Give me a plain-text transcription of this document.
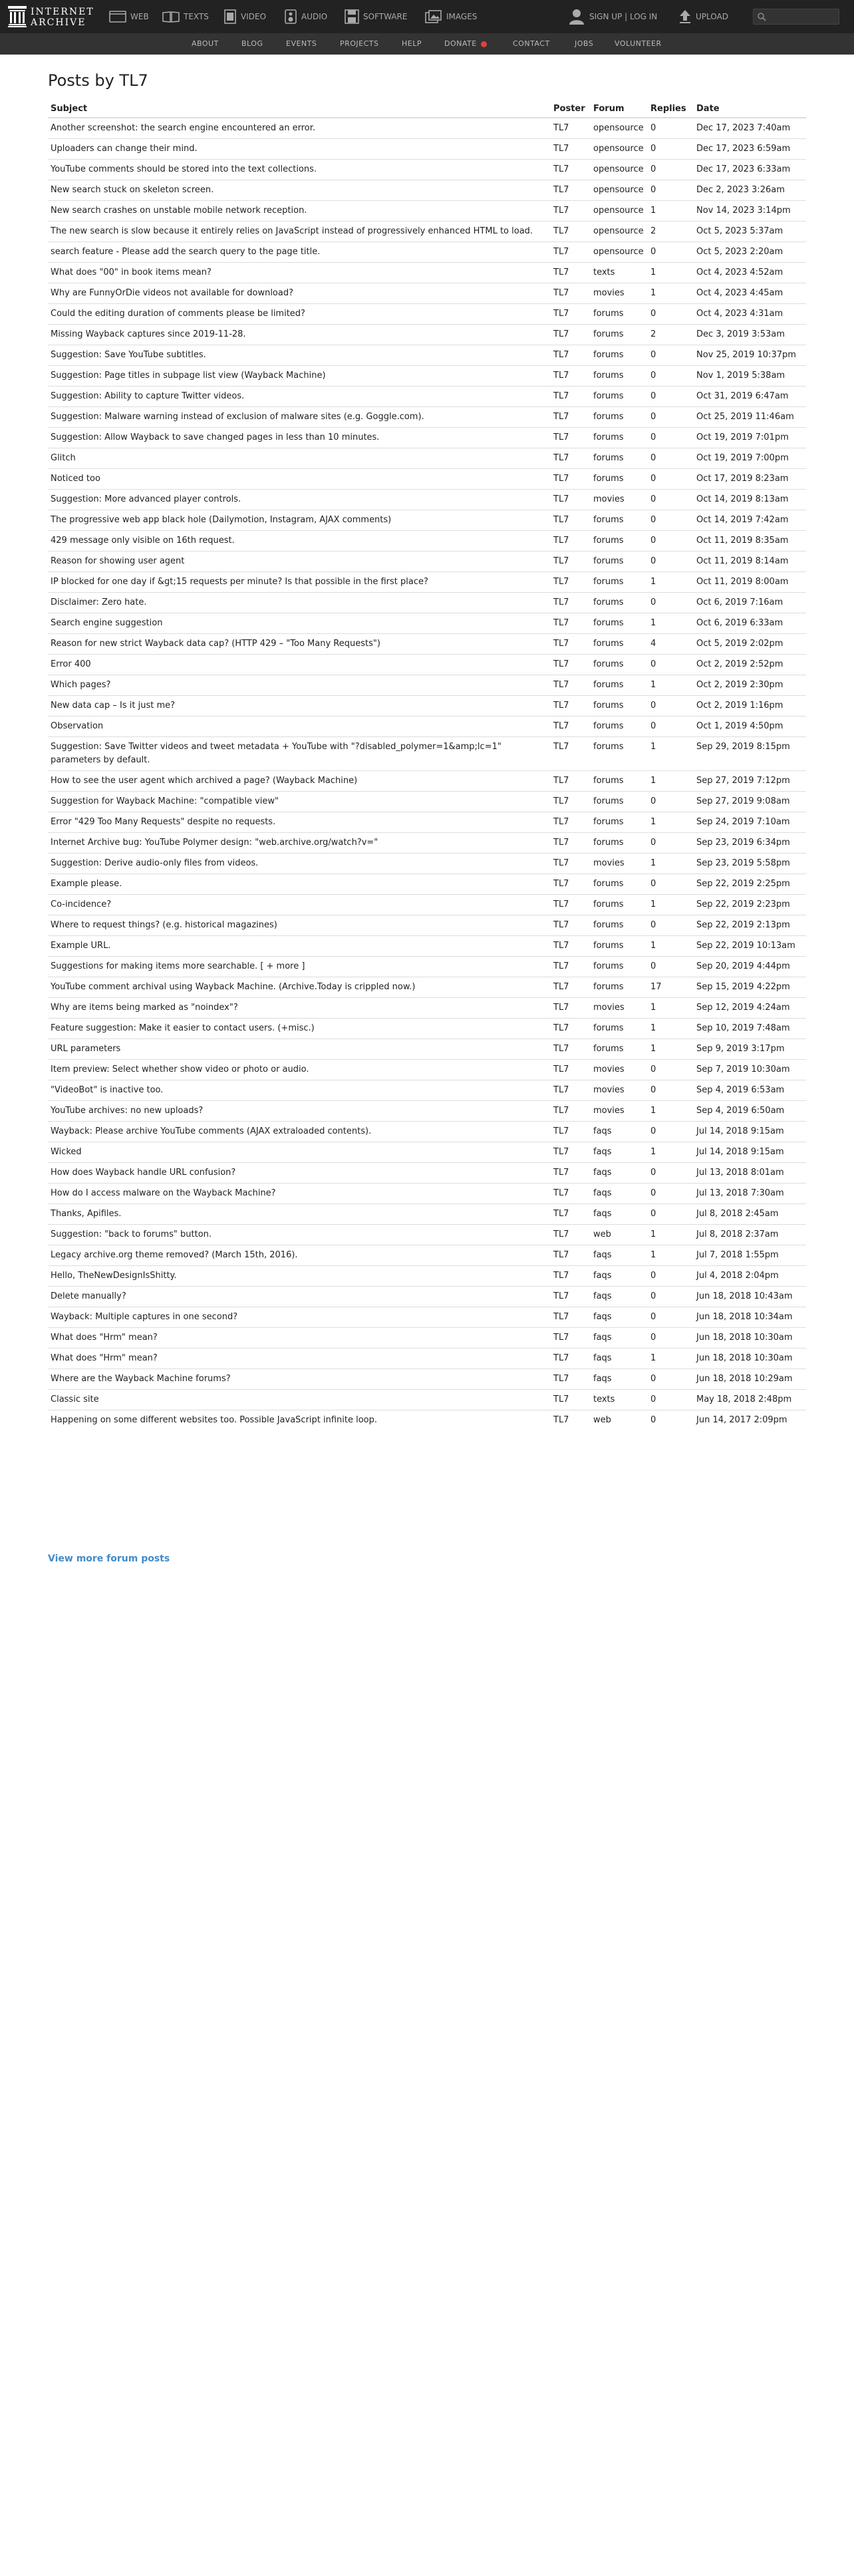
INTERNET
ARCHIVE
WEB	TEXTS	VIDEO	AUDIO	SOFTWARE	IMAGES	SIGN UP | LOG IN	UPLOAD
ABOUT	BLOG	EVENTS	PROJECTS	HELP	DONATE	CONTACT	JOBS	VOLUNTEER
Posts by TL7
Subject	Poster	Forum	Replies	Date
Another screenshot: the search engine encountered an error.	TL7	opensource	0	Dec 17, 2023 7:40am
Uploaders can change their mind.	TL7	opensource	0	Dec 17, 2023 6:59am
YouTube comments should be stored into the text collections.	TL7	opensource	0	Dec 17, 2023 6:33am
New search stuck on skeleton screen.	TL7	opensource	0	Dec 2, 2023 3:26am
New search crashes on unstable mobile network reception.	TL7	opensource	1	Nov 14, 2023 3:14pm
The new search is slow because it entirely relies on JavaScript instead of progressively enhanced HTML to load.	TL7	opensource	2	Oct 5, 2023 5:37am
search feature - Please add the search query to the page title.	TL7	opensource	0	Oct 5, 2023 2:20am
What does "00" in book items mean?	TL7	texts	1	Oct 4, 2023 4:52am
Why are FunnyOrDie videos not available for download?	TL7	movies	1	Oct 4, 2023 4:45am
Could the editing duration of comments please be limited?	TL7	forums	0	Oct 4, 2023 4:31am
Missing Wayback captures since 2019-11-28.	TL7	forums	2	Dec 3, 2019 3:53am
Suggestion: Save YouTube subtitles.	TL7	forums	0	Nov 25, 2019 10:37pm
Suggestion: Page titles in subpage list view (Wayback Machine)	TL7	forums	0	Nov 1, 2019 5:38am
Suggestion: Ability to capture Twitter videos.	TL7	forums	0	Oct 31, 2019 6:47am
Suggestion: Malware warning instead of exclusion of malware sites (e.g. Goggle.com).	TL7	forums	0	Oct 25, 2019 11:46am
Suggestion: Allow Wayback to save changed pages in less than 10 minutes.	TL7	forums	0	Oct 19, 2019 7:01pm
Glitch	TL7	forums	0	Oct 19, 2019 7:00pm
Noticed too	TL7	forums	0	Oct 17, 2019 8:23am
Suggestion: More advanced player controls.	TL7	movies	0	Oct 14, 2019 8:13am
The progressive web app black hole (Dailymotion, Instagram, AJAX comments)	TL7	forums	0	Oct 14, 2019 7:42am
429 message only visible on 16th request.	TL7	forums	0	Oct 11, 2019 8:35am
Reason for showing user agent	TL7	forums	0	Oct 11, 2019 8:14am
IP blocked for one day if &gt;15 requests per minute? Is that possible in the first place?	TL7	forums	1	Oct 11, 2019 8:00am
Disclaimer: Zero hate.	TL7	forums	0	Oct 6, 2019 7:16am
Search engine suggestion	TL7	forums	1	Oct 6, 2019 6:33am
Reason for new strict Wayback data cap? (HTTP 429 – "Too Many Requests")	TL7	forums	4	Oct 5, 2019 2:02pm
Error 400	TL7	forums	0	Oct 2, 2019 2:52pm
Which pages?	TL7	forums	1	Oct 2, 2019 2:30pm
New data cap – Is it just me?	TL7	forums	0	Oct 2, 2019 1:16pm
Observation	TL7	forums	0	Oct 1, 2019 4:50pm
Suggestion: Save Twitter videos and tweet metadata + YouTube with "?disabled_polymer=1&amp;lc=1" parameters by default.	TL7	forums	1	Sep 29, 2019 8:15pm
How to see the user agent which archived a page? (Wayback Machine)	TL7	forums	1	Sep 27, 2019 7:12pm
Suggestion for Wayback Machine: "compatible view"	TL7	forums	0	Sep 27, 2019 9:08am
Error "429 Too Many Requests" despite no requests.	TL7	forums	1	Sep 24, 2019 7:10am
Internet Archive bug: YouTube Polymer design: "web.archive.org/watch?v="	TL7	forums	0	Sep 23, 2019 6:34pm
Suggestion: Derive audio-only files from videos.	TL7	movies	1	Sep 23, 2019 5:58pm
Example please.	TL7	forums	0	Sep 22, 2019 2:25pm
Co-incidence?	TL7	forums	1	Sep 22, 2019 2:23pm
Where to request things? (e.g. historical magazines)	TL7	forums	0	Sep 22, 2019 2:13pm
Example URL.	TL7	forums	1	Sep 22, 2019 10:13am
Suggestions for making items more searchable. [ + more ]	TL7	forums	0	Sep 20, 2019 4:44pm
YouTube comment archival using Wayback Machine. (Archive.Today is crippled now.)	TL7	forums	17	Sep 15, 2019 4:22pm
Why are items being marked as "noindex"?	TL7	movies	1	Sep 12, 2019 4:24am
Feature suggestion: Make it easier to contact users. (+misc.)	TL7	forums	1	Sep 10, 2019 7:48am
URL parameters	TL7	forums	1	Sep 9, 2019 3:17pm
Item preview: Select whether show video or photo or audio.	TL7	movies	0	Sep 7, 2019 10:30am
"VideoBot" is inactive too.	TL7	movies	0	Sep 4, 2019 6:53am
YouTube archives: no new uploads?	TL7	movies	1	Sep 4, 2019 6:50am
Wayback: Please archive YouTube comments (AJAX extraloaded contents).	TL7	faqs	0	Jul 14, 2018 9:15am
Wicked	TL7	faqs	1	Jul 14, 2018 9:15am
How does Wayback handle URL confusion?	TL7	faqs	0	Jul 13, 2018 8:01am
How do I access malware on the Wayback Machine?	TL7	faqs	0	Jul 13, 2018 7:30am
Thanks, Apifiles.	TL7	faqs	0	Jul 8, 2018 2:45am
Suggestion: "back to forums" button.	TL7	web	1	Jul 8, 2018 2:37am
Legacy archive.org theme removed? (March 15th, 2016).	TL7	faqs	1	Jul 7, 2018 1:55pm
Hello, TheNewDesignIsShitty.	TL7	faqs	0	Jul 4, 2018 2:04pm
Delete manually?	TL7	faqs	0	Jun 18, 2018 10:43am
Wayback: Multiple captures in one second?	TL7	faqs	0	Jun 18, 2018 10:34am
What does "Hrm" mean?	TL7	faqs	0	Jun 18, 2018 10:30am
What does "Hrm" mean?	TL7	faqs	1	Jun 18, 2018 10:30am
Where are the Wayback Machine forums?	TL7	faqs	0	Jun 18, 2018 10:29am
Classic site	TL7	texts	0	May 18, 2018 2:48pm
Happening on some different websites too. Possible JavaScript infinite loop.	TL7	web	0	Jun 14, 2017 2:09pm
View more forum posts
